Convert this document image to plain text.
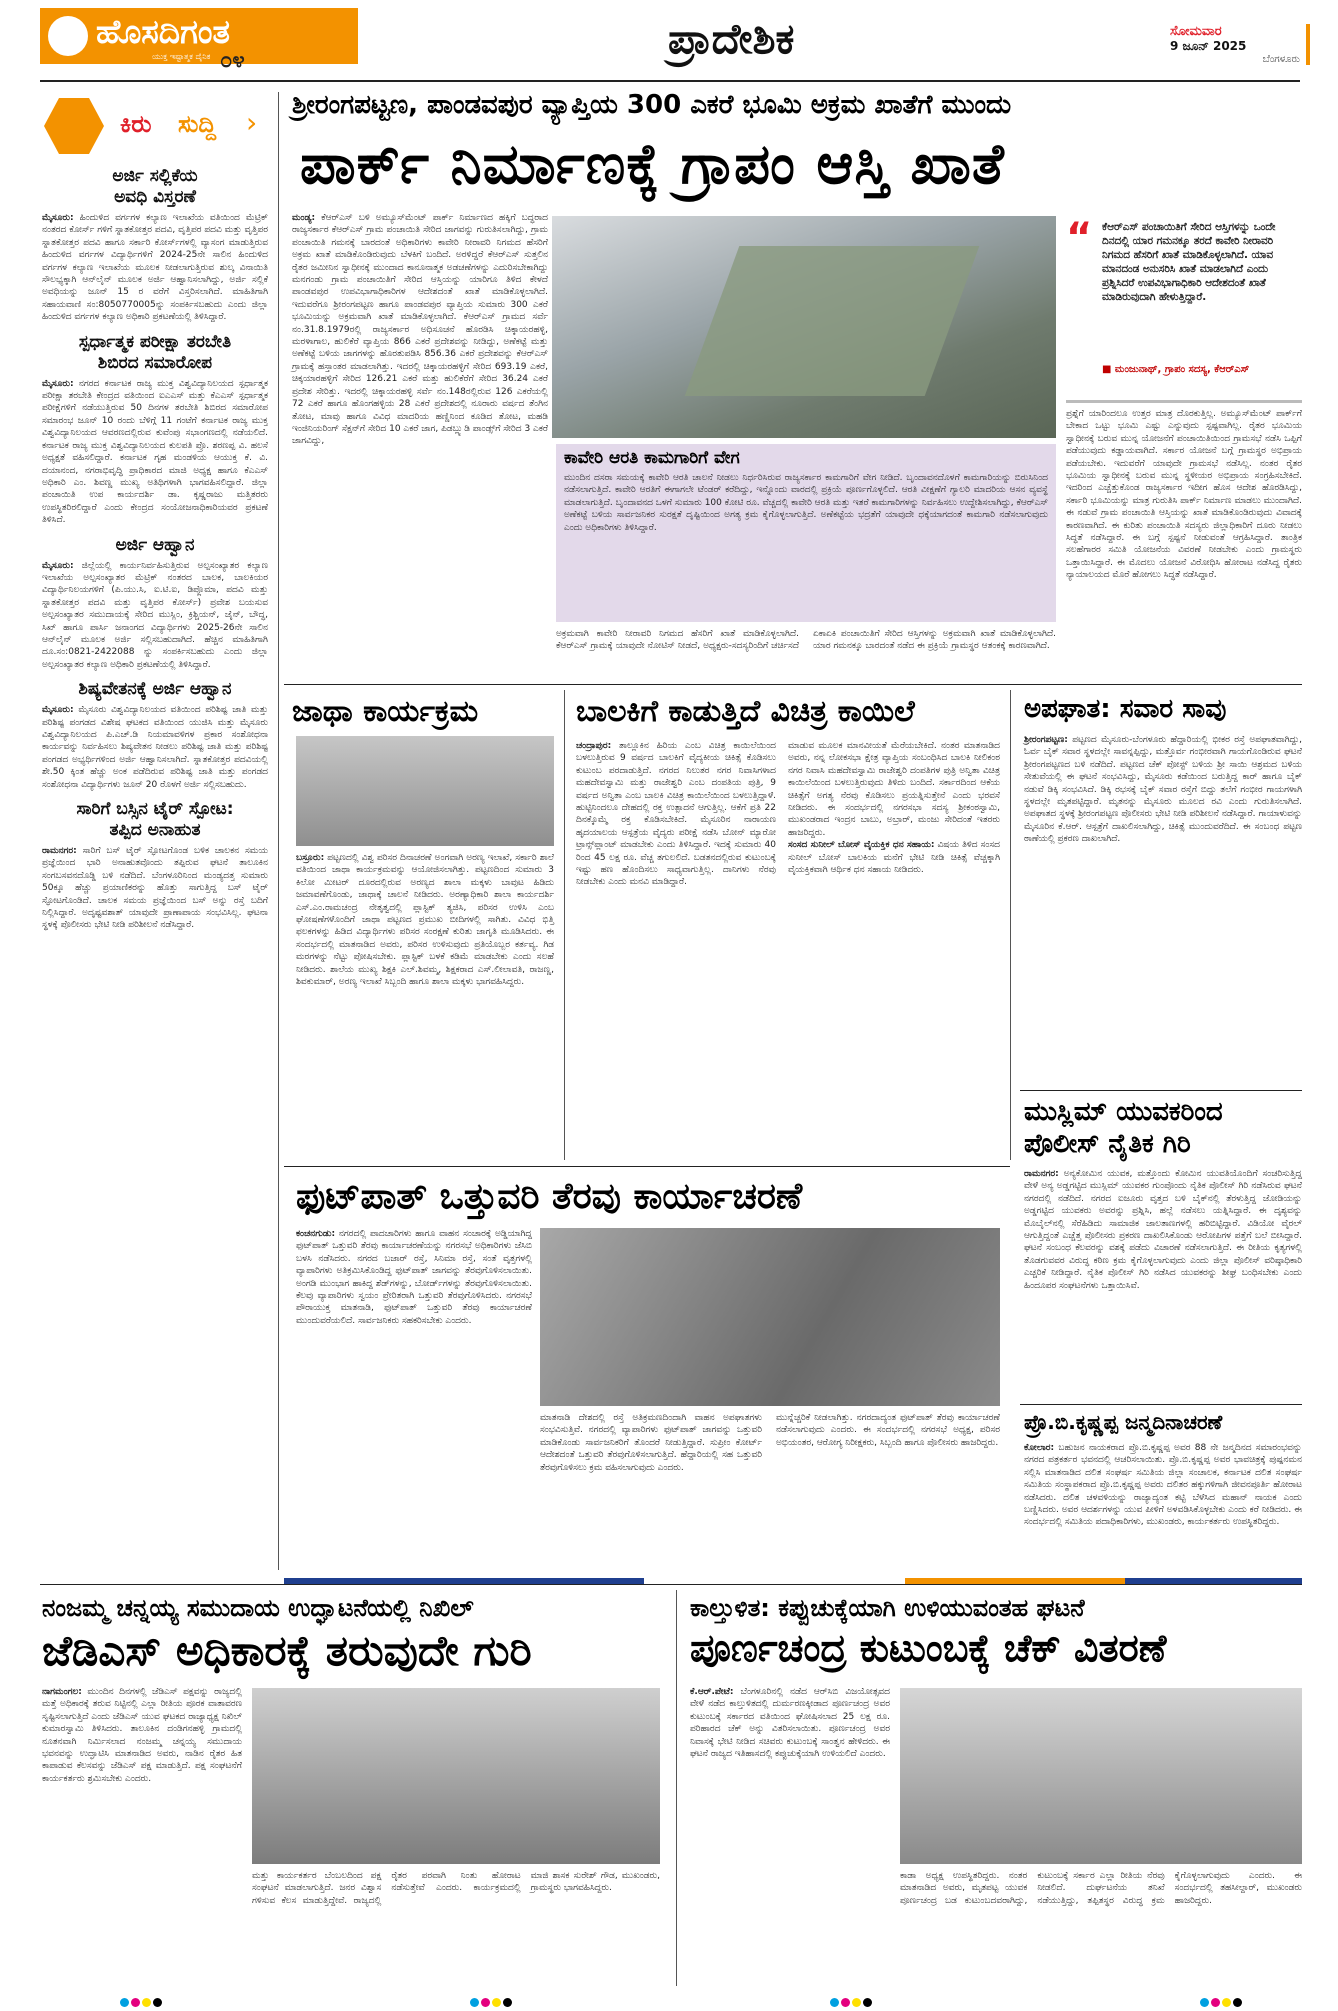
ಹೊಸದಿಗಂತ
ಯುಕ್ತ ಇಷ್ಟಾತ್ಮಕ ದೈನಿಕ ೦೪	ಪ್ರಾದೇಶಿಕ	ಸೋಮವಾರ
9 ಜೂನ್ 2025
ಬೆಂಗಳೂರು
ಕಿರು ಸುದ್ದಿ ›
ಅರ್ಜಿ ಸಲ್ಲಿಕೆಯ
ಅವಧಿ ವಿಸ್ತರಣೆ
ಮೈಸೂರು: ಹಿಂದುಳಿದ ವರ್ಗಗಳ ಕಲ್ಯಾಣ ಇಲಾಖೆಯ ವತಿಯಿಂದ ಮೆಟ್ರಿಕ್ ನಂತರದ ಕೋರ್ಸ್ ಗಳಿಗೆ ಸ್ನಾತಕೋತ್ತರ ಪದವಿ, ವೃತ್ತಿಪರ ಪದವಿ ಮತ್ತು ವೃತ್ತಿಪರ ಸ್ನಾತಕೋತ್ತರ ಪದವಿ ಹಾಗೂ ಸರ್ಕಾರಿ ಕೋರ್ಸ್‌ಗಳಲ್ಲಿ ವ್ಯಾಸಂಗ ಮಾಡುತ್ತಿರುವ ಹಿಂದುಳಿದ ವರ್ಗಗಳ ವಿದ್ಯಾರ್ಥಿಗಳಿಗೆ 2024-25ನೇ ಸಾಲಿನ ಹಿಂದುಳಿದ ವರ್ಗಗಳ ಕಲ್ಯಾಣ ಇಲಾಖೆಯ ಮೂಲಕ ನೀಡಲಾಗುತ್ತಿರುವ ಶುಲ್ಕ ವಿನಾಯಿತಿ ಸೌಲಭ್ಯಕ್ಕಾಗಿ ಆನ್‌ಲೈನ್ ಮೂಲಕ ಅರ್ಜಿ ಆಹ್ವಾನಿಸಲಾಗಿದ್ದು, ಅರ್ಜಿ ಸಲ್ಲಿಕೆ ಅವಧಿಯನ್ನು ಜೂನ್ 15 ರ ವರೆಗೆ ವಿಸ್ತರಿಸಲಾಗಿದೆ. ಮಾಹಿತಿಗಾಗಿ ಸಹಾಯವಾಣಿ ಸಂ:8050770005ನ್ನು ಸಂಪರ್ಕಿಸಬಹುದು ಎಂದು ಜಿಲ್ಲಾ ಹಿಂದುಳಿದ ವರ್ಗಗಳ ಕಲ್ಯಾಣ ಅಧಿಕಾರಿ ಪ್ರಕಟಣೆಯಲ್ಲಿ ತಿಳಿಸಿದ್ದಾರೆ.
ಸ್ಪರ್ಧಾತ್ಮಕ ಪರೀಕ್ಷಾ ತರಬೇತಿ
ಶಿಬಿರದ ಸಮಾರೋಪ
ಮೈಸೂರು: ನಗರದ ಕರ್ನಾಟಕ ರಾಜ್ಯ ಮುಕ್ತ ವಿಶ್ವವಿದ್ಯಾನಿಲಯದ ಸ್ಪರ್ಧಾತ್ಮಕ ಪರೀಕ್ಷಾ ತರಬೇತಿ ಕೇಂದ್ರದ ವತಿಯಿಂದ ಐಎಎಸ್ ಮತ್ತು ಕೆಎಎಸ್ ಸ್ಪರ್ಧಾತ್ಮಕ ಪರೀಕ್ಷೆಗಳಿಗೆ ನಡೆಯುತ್ತಿರುವ 50 ದಿನಗಳ ತರಬೇತಿ ಶಿಬಿರದ ಸಮಾರೋಪ ಸಮಾರಂಭ ಜೂನ್ 10 ರಂದು ಬೆಳಿಗ್ಗೆ 11 ಗಂಟೆಗೆ ಕರ್ನಾಟಕ ರಾಜ್ಯ ಮುಕ್ತ ವಿಶ್ವವಿದ್ಯಾನಿಲಯದ ಆವರಣದಲ್ಲಿರುವ ಕುವೆಂಪು ಸಭಾಂಗಣದಲ್ಲಿ ನಡೆಯಲಿದೆ. ಕರ್ನಾಟಕ ರಾಜ್ಯ ಮುಕ್ತ ವಿಶ್ವವಿದ್ಯಾನಿಲಯದ ಕುಲಪತಿ ಪ್ರೊ. ಶರಣಪ್ಪ ವಿ. ಹಲಸೆ ಅಧ್ಯಕ್ಷತೆ ವಹಿಸಲಿದ್ದಾರೆ. ಕರ್ನಾಟಕ ಗೃಹ ಮಂಡಳಿಯ ಆಯುಕ್ತ ಕೆ. ವಿ. ದಯಾನಂದ, ನಗರಾಭಿವೃದ್ಧಿ ಪ್ರಾಧಿಕಾರದ ಮಾಜಿ ಅಧ್ಯಕ್ಷ ಹಾಗೂ ಕೆಎಎಸ್ ಅಧಿಕಾರಿ ಎಂ. ಶಿವಣ್ಣ ಮುಖ್ಯ ಅತಿಥಿಗಳಾಗಿ ಭಾಗವಹಿಸಲಿದ್ದಾರೆ. ಜಿಲ್ಲಾ ಪಂಚಾಯಿತಿ ಉಪ ಕಾರ್ಯದರ್ಶಿ ಡಾ. ಕೃಷ್ಣರಾಜು ಮತ್ತಿತರರು ಉಪಸ್ಥಿತರಿರಲಿದ್ದಾರೆ ಎಂದು ಕೇಂದ್ರದ ಸಂಯೋಜನಾಧಿಕಾರಿಯವರ ಪ್ರಕಟಣೆ ತಿಳಿಸಿದೆ.
ಅರ್ಜಿ ಆಹ್ವಾನ
ಮೈಸೂರು: ಜಿಲ್ಲೆಯಲ್ಲಿ ಕಾರ್ಯನಿರ್ವಹಿಸುತ್ತಿರುವ ಅಲ್ಪಸಂಖ್ಯಾತರ ಕಲ್ಯಾಣ ಇಲಾಖೆಯ ಅಲ್ಪಸಂಖ್ಯಾತರ ಮೆಟ್ರಿಕ್ ನಂತರದ ಬಾಲಕ, ಬಾಲಕಿಯರ ವಿದ್ಯಾರ್ಥಿನಿಲಯಗಳಿಗೆ (ಪಿ.ಯು.ಸಿ, ಐ.ಟಿ.ಐ, ಡಿಪ್ಲೊಮಾ, ಪದವಿ ಮತ್ತು ಸ್ನಾತಕೋತ್ತರ ಪದವಿ ಮತ್ತು ವೃತ್ತಿಪರ ಕೋರ್ಸ್) ಪ್ರವೇಶ ಬಯಸುವ ಅಲ್ಪಸಂಖ್ಯಾತರ ಸಮುದಾಯಕ್ಕೆ ಸೇರಿದ ಮುಸ್ಲಿಂ, ಕ್ರಿಶ್ಚಿಯನ್, ಜೈನ್, ಬೌದ್ಧ, ಸಿಖ್ ಹಾಗೂ ಪಾರ್ಸಿ ಜನಾಂಗದ ವಿದ್ಯಾರ್ಥಿಗಳು 2025-26ನೇ ಸಾಲಿನ ಆನ್‌ಲೈನ್ ಮೂಲಕ ಅರ್ಜಿ ಸಲ್ಲಿಸಬಹುದಾಗಿದೆ. ಹೆಚ್ಚಿನ ಮಾಹಿತಿಗಾಗಿ ದೂ.ಸಂ:0821-2422088 ನ್ನು ಸಂಪರ್ಕಿಸಬಹುದು ಎಂದು ಜಿಲ್ಲಾ ಅಲ್ಪಸಂಖ್ಯಾತರ ಕಲ್ಯಾಣ ಅಧಿಕಾರಿ ಪ್ರಕಟಣೆಯಲ್ಲಿ ತಿಳಿಸಿದ್ದಾರೆ.
ಶಿಷ್ಯವೇತನಕ್ಕೆ ಅರ್ಜಿ ಆಹ್ವಾನ
ಮೈಸೂರು: ಮೈಸೂರು ವಿಶ್ವವಿದ್ಯಾನಿಲಯದ ವತಿಯಿಂದ ಪರಿಶಿಷ್ಟ ಜಾತಿ ಮತ್ತು ಪರಿಶಿಷ್ಟ ಪಂಗಡದ ವಿಶೇಷ ಘಟಕದ ವತಿಯಿಂದ ಯುಜಿಸಿ ಮತ್ತು ಮೈಸೂರು ವಿಶ್ವವಿದ್ಯಾನಿಲಯದ ಪಿ.ಎಚ್.ಡಿ ನಿಯಮಾವಳಿಗಳ ಪ್ರಕಾರ ಸಂಶೋಧನಾ ಕಾರ್ಯವನ್ನು ನಿರ್ವಹಿಸಲು ಶಿಷ್ಯವೇತನ ನೀಡಲು ಪರಿಶಿಷ್ಟ ಜಾತಿ ಮತ್ತು ಪರಿಶಿಷ್ಟ ಪಂಗಡದ ಅಭ್ಯರ್ಥಿಗಳಿಂದ ಅರ್ಜಿ ಆಹ್ವಾನಿಸಲಾಗಿದೆ. ಸ್ನಾತಕೋತ್ತರ ಪದವಿಯಲ್ಲಿ ಶೇ.50 ಕ್ಕಿಂತ ಹೆಚ್ಚು ಅಂಕ ಪಡೆದಿರುವ ಪರಿಶಿಷ್ಟ ಜಾತಿ ಮತ್ತು ಪಂಗಡದ ಸಂಶೋಧನಾ ವಿದ್ಯಾರ್ಥಿಗಳು ಜೂನ್ 20 ರೊಳಗೆ ಅರ್ಜಿ ಸಲ್ಲಿಸಬಹುದು.
ಸಾರಿಗೆ ಬಸ್ಸಿನ ಟೈರ್ ಸ್ಪೋಟ:
ತಪ್ಪಿದ ಅನಾಹುತ
ರಾಮನಗರ: ಸಾರಿಗೆ ಬಸ್ ಟೈರ್ ಸ್ಫೋಟಗೊಂಡ ಬಳಿಕ ಚಾಲಕನ ಸಮಯ ಪ್ರಜ್ಞೆಯಿಂದ ಭಾರಿ ಅನಾಹುತವೊಂದು ತಪ್ಪಿರುವ ಘಟನೆ ತಾಲೂಕಿನ ಸಂಗಬಸವನದೊಡ್ಡಿ ಬಳಿ ನಡೆದಿದೆ. ಬೆಂಗಳೂರಿನಿಂದ ಮಂಡ್ಯದತ್ತ ಸುಮಾರು 50ಕ್ಕೂ ಹೆಚ್ಚು ಪ್ರಯಾಣಿಕರನ್ನು ಹೊತ್ತು ಸಾಗುತ್ತಿದ್ದ ಬಸ್ ಟೈರ್ ಸ್ಫೋಟಗೊಂಡಿದೆ. ಚಾಲಕ ಸಮಯ ಪ್ರಜ್ಞೆಯಿಂದ ಬಸ್ ಅನ್ನು ರಸ್ತೆ ಬದಿಗೆ ನಿಲ್ಲಿಸಿದ್ದಾರೆ. ಅದೃಷ್ಟವಶಾತ್ ಯಾವುದೇ ಪ್ರಾಣಾಪಾಯ ಸಂಭವಿಸಿಲ್ಲ. ಘಟನಾ ಸ್ಥಳಕ್ಕೆ ಪೊಲೀಸರು ಭೇಟಿ ನೀಡಿ ಪರಿಶೀಲನೆ ನಡೆಸಿದ್ದಾರೆ.
ಶ್ರೀರಂಗಪಟ್ಟಣ, ಪಾಂಡವಪುರ ವ್ಯಾಪ್ತಿಯ 300 ಎಕರೆ ಭೂಮಿ ಅಕ್ರಮ ಖಾತೆಗೆ ಮುಂದು
ಪಾರ್ಕ್ ನಿರ್ಮಾಣಕ್ಕೆ ಗ್ರಾಪಂ ಆಸ್ತಿ ಖಾತೆ
ಮಂಡ್ಯ: ಕೆಆರ್‌ಎಸ್ ಬಳಿ ಅಮ್ಯೂಸ್‌ಮೆಂಟ್ ಪಾರ್ಕ್ ನಿರ್ಮಾಣದ ಹಕ್ಕಿಗೆ ಬದ್ಧರಾದ ರಾಜ್ಯಸರ್ಕಾರ ಕೆಆರ್‌ಎಸ್ ಗ್ರಾಮ ಪಂಚಾಯಿತಿ ಸೇರಿದ ಜಾಗವನ್ನು ಗುರುತಿಸಲಾಗಿದ್ದು, ಗ್ರಾಮ ಪಂಚಾಯಿತಿ ಗಮನಕ್ಕೆ ಬಾರದಂತೆ ಅಧಿಕಾರಿಗಳು ಕಾವೇರಿ ನೀರಾವರಿ ನಿಗಮದ ಹೆಸರಿಗೆ ಅಕ್ರಮ ಖಾತೆ ಮಾಡಿಕೊಂಡಿರುವುದು ಬೆಳಕಿಗೆ ಬಂದಿದೆ. ಅರಳಿದ್ದರೆ ಕೆಆರ್‌ಎಸ್ ಸುತ್ತಲಿನ ರೈತರ ಜಮೀನಿನ ಸ್ವಾಧೀನಕ್ಕೆ ಮುಂದಾದ ಕಾನೂನಾತ್ಮಕ ಅಡಚಣೆಗಳನ್ನು ಎದುರಿಸಬೇಕಾಗಿದ್ದು ಮನಗಂಡು ಗ್ರಾಮ ಪಂಚಾಯಿತಿಗೆ ಸೇರಿದ ಆಸ್ತಿಯನ್ನು ಯಾರಿಗೂ ತಿಳಿದ ಕೇಳದೆ ಪಾಂಡವಪುರ ಉಪವಿಭಾಗಾಧಿಕಾರಿಗಳ ಆದೇಶದಂತೆ ಖಾತೆ ಮಾಡಿಕೊಳ್ಳಲಾಗಿದೆ. ಇದುವರೆಗೂ ಶ್ರೀರಂಗಪಟ್ಟಣ ಹಾಗೂ ಪಾಂಡವಪುರ ವ್ಯಾಪ್ತಿಯ ಸುಮಾರು 300 ಎಕರೆ ಭೂಮಿಯನ್ನು ಅಕ್ರಮವಾಗಿ ಖಾತೆ ಮಾಡಿಕೊಳ್ಳಲಾಗಿದೆ. ಕೆಆರ್‌ಎಸ್ ಗ್ರಾಮದ ಸರ್ವೆ ನಂ.31.8.1979ರಲ್ಲಿ ರಾಜ್ಯಸರ್ಕಾರ ಅಧಿಸೂಚನೆ ಹೊರಡಿಸಿ ಚಿಕ್ಕಾಯರಹಳ್ಳಿ, ಮರಳಾಗಾಲ, ಹುಲಿಕೆರೆ ವ್ಯಾಪ್ತಿಯ 866 ಎಕರೆ ಪ್ರದೇಶವನ್ನು ನೀಡಿದ್ದು, ಅಣೆಕಟ್ಟೆ ಮತ್ತು ಅಣೆಕಟ್ಟೆ ಬಳಿಯ ಜಾಗಗಳನ್ನು ಹೊರತುಪಡಿಸಿ 856.36 ಎಕರೆ ಪ್ರದೇಶವನ್ನು ಕೆಆರ್‌ಎಸ್ ಗ್ರಾಮಕ್ಕೆ ಹಸ್ತಾಂತರ ಮಾಡಲಾಗಿತ್ತು. ಇದರಲ್ಲಿ ಚಿಕ್ಕಾಯರಹಳ್ಳಿಗೆ ಸೇರಿದ 693.19 ಎಕರೆ, ಚಿಕ್ಕಯಾರಹಳ್ಳಿಗೆ ಸೇರಿದ 126.21 ಎಕರೆ ಮತ್ತು ಹುಲಿಕೆರೆಗೆ ಸೇರಿದ 36.24 ಎಕರೆ ಪ್ರದೇಶ ಸೇರಿತ್ತು. ಇದರಲ್ಲಿ ಚಿಕ್ಕಾಯರಹಳ್ಳಿ ಸರ್ವೆ ನಂ.148ರಲ್ಲಿರುವ 126 ಎಕರೆಯಲ್ಲಿ 72 ಎಕರೆ ಹಾಗೂ ಹೊಂಗಹಳ್ಳಿಯ 28 ಎಕರೆ ಪ್ರದೇಶದಲ್ಲಿ ನೂರಾರು ವರ್ಷದ ತೆಂಗಿನ ತೋಟ, ಮಾವು ಹಾಗೂ ವಿವಿಧ ಮಾದರಿಯ ಹಣ್ಣಿನಿಂದ ಕೂಡಿದ ತೋಟ, ಮಹಡಿ ಇಂಜಿನಿಯರಿಂಗ್ ಸೆಕ್ಷನ್‌ಗೆ ಸೇರಿದ 10 ಎಕರೆ ಜಾಗ, ಪಿಡಬ್ಲ್ಯುಡಿ ಪಾಂಡ್ಸ್‌ಗೆ ಸೇರಿದ 3 ಎಕರೆ ಜಾಗವಿದ್ದು,
ಕಾವೇರಿ ಆರತಿ ಕಾಮಗಾರಿಗೆ ವೇಗ
ಮುಂದಿನ ದಸರಾ ಸಮಯಕ್ಕೆ ಕಾವೇರಿ ಆರತಿ ಚಾಲನೆ ನೀಡಲು ನಿರ್ಧರಿಸಿರುವ ರಾಜ್ಯಸರ್ಕಾರ ಕಾಮಗಾರಿಗೆ ವೇಗ ನೀಡಿದೆ. ಬೃಂದಾವನದೊಳಗೆ ಕಾಮಗಾರಿಯನ್ನು ಬಿರುಸಿನಿಂದ ನಡೆಸಲಾಗುತ್ತಿದೆ. ಕಾವೇರಿ ಆರತಿಗೆ ಈಗಾಗಲೇ ಟೆಂಡರ್ ಕರೆದಿದ್ದು, ಇನ್ನೊಂದು ವಾರದಲ್ಲಿ ಪ್ರಕ್ರಿಯೆ ಪೂರ್ಣಗೊಳ್ಳಲಿದೆ. ಆರತಿ ವೀಕ್ಷಣೆಗೆ ಗ್ಯಾಲರಿ ಮಾದರಿಯ ಆಸನ ವ್ಯವಸ್ಥೆ ಮಾಡಲಾಗುತ್ತಿದೆ. ಬೃಂದಾವನದ ಒಳಗೆ ಸುಮಾರು 100 ಕೋಟಿ ರೂ. ವೆಚ್ಚದಲ್ಲಿ ಕಾವೇರಿ ಆರತಿ ಮತ್ತು ಇತರೆ ಕಾಮಗಾರಿಗಳನ್ನು ನಿರ್ವಹಿಸಲು ಉದ್ದೇಶಿಸಲಾಗಿದ್ದು, ಕೆಆರ್‌ಎಸ್ ಅಣೆಕಟ್ಟೆ ಬಳಿಯ ಸಾರ್ವಜನಿಕರ ಸುರಕ್ಷತೆ ದೃಷ್ಟಿಯಿಂದ ಅಗತ್ಯ ಕ್ರಮ ಕೈಗೊಳ್ಳಲಾಗುತ್ತಿದೆ. ಅಣೆಕಟ್ಟೆಯ ಭದ್ರತೆಗೆ ಯಾವುದೇ ಧಕ್ಕೆಯಾಗದಂತೆ ಕಾಮಗಾರಿ ನಡೆಸಲಾಗುವುದು ಎಂದು ಅಧಿಕಾರಿಗಳು ತಿಳಿಸಿದ್ದಾರೆ.
ಅಕ್ರಮವಾಗಿ ಕಾವೇರಿ ನೀರಾವರಿ ನಿಗಮದ ಹೆಸರಿಗೆ ಖಾತೆ ಮಾಡಿಕೊಳ್ಳಲಾಗಿದೆ. ಕೆಆರ್‌ಎಸ್ ಗ್ರಾಮಕ್ಕೆ ಯಾವುದೇ ನೋಟಿಸ್ ನೀಡದೆ, ಅಧ್ಯಕ್ಷರು-ಸದಸ್ಯರಿಂದಿಗೆ ಚರ್ಚಿಸದೆ ಏಕಾಏಕಿ ಪಂಚಾಯಿತಿಗೆ ಸೇರಿದ ಆಸ್ತಿಗಳನ್ನು ಅಕ್ರಮವಾಗಿ ಖಾತೆ ಮಾಡಿಕೊಳ್ಳಲಾಗಿದೆ. ಯಾರ ಗಮನಕ್ಕೂ ಬಾರದಂತೆ ನಡೆದ ಈ ಪ್ರಕ್ರಿಯೆ ಗ್ರಾಮಸ್ಥರ ಆತಂಕಕ್ಕೆ ಕಾರಣವಾಗಿದೆ.
“ ಕೆಆರ್‌ಎಸ್ ಪಂಚಾಯಿತಿಗೆ ಸೇರಿದ ಆಸ್ತಿಗಳನ್ನು ಒಂದೇ ದಿನದಲ್ಲಿ ಯಾರ ಗಮನಕ್ಕೂ ತರದೆ ಕಾವೇರಿ ನೀರಾವರಿ ನಿಗಮದ ಹೆಸರಿಗೆ ಖಾತೆ ಮಾಡಿಕೊಳ್ಳಲಾಗಿದೆ. ಯಾವ ಮಾನದಂಡ ಅನುಸರಿಸಿ ಖಾತೆ ಮಾಡಲಾಗಿದೆ ಎಂದು ಪ್ರಶ್ನಿಸಿದರೆ ಉಪವಿಭಾಗಾಧಿಕಾರಿ ಆದೇಶದಂತೆ ಖಾತೆ ಮಾಡಿರುವುದಾಗಿ ಹೇಳುತ್ತಿದ್ದಾರೆ.
■ ಮಂಜುನಾಥ್, ಗ್ರಾಪಂ ಸದಸ್ಯ, ಕೆಆರ್‌ಎಸ್
ಪ್ರಶ್ನೆಗೆ ಯಾರಿಂದಲೂ ಉತ್ತರ ಮಾತ್ರ ದೊರಕುತ್ತಿಲ್ಲ. ಅಮ್ಯೂಸ್‌ಮೆಂಟ್ ಪಾರ್ಕ್‌ಗೆ ಬೇಕಾದ ಒಟ್ಟು ಭೂಮಿ ಎಷ್ಟು ಎನ್ನುವುದು ಸ್ಪಷ್ಟವಾಗಿಲ್ಲ. ರೈತರ ಭೂಮಿಯ ಸ್ವಾಧೀನಕ್ಕೆ ಬರುವ ಮುನ್ನ ಯೋಜನೆಗೆ ಪಂಚಾಯಿತಿಯಿಂದ ಗ್ರಾಮಸಭೆ ನಡೆಸಿ ಒಪ್ಪಿಗೆ ಪಡೆಯುವುದು ಕಡ್ಡಾಯವಾಗಿದೆ. ಸರ್ಕಾರ ಯೋಜನೆ ಬಗ್ಗೆ ಗ್ರಾಮಸ್ಥರ ಅಭಿಪ್ರಾಯ ಪಡೆಯಬೇಕು. ಇದುವರೆಗೆ ಯಾವುದೇ ಗ್ರಾಮಸಭೆ ನಡೆಸಿಲ್ಲ. ನಂತರ ರೈತರ ಭೂಮಿಯ ಸ್ವಾಧೀನಕ್ಕೆ ಬರುವ ಮುನ್ನ ಸ್ಥಳೀಯರ ಅಭಿಪ್ರಾಯ ಸಂಗ್ರಹಿಸಬೇಕಿದೆ. ಇದರಿಂದ ಎಚ್ಚೆತ್ತುಕೊಂಡ ರಾಜ್ಯಸರ್ಕಾರ ಇದೀಗ ಹೊಸ ಆದೇಶ ಹೊರಡಿಸಿದ್ದು, ಸರ್ಕಾರಿ ಭೂಮಿಯನ್ನು ಮಾತ್ರ ಗುರುತಿಸಿ ಪಾರ್ಕ್ ನಿರ್ಮಾಣ ಮಾಡಲು ಮುಂದಾಗಿದೆ. ಈ ನಡುವೆ ಗ್ರಾಮ ಪಂಚಾಯಿತಿ ಆಸ್ತಿಯನ್ನು ಖಾತೆ ಮಾಡಿಕೊಂಡಿರುವುದು ವಿವಾದಕ್ಕೆ ಕಾರಣವಾಗಿದೆ. ಈ ಕುರಿತು ಪಂಚಾಯಿತಿ ಸದಸ್ಯರು ಜಿಲ್ಲಾಧಿಕಾರಿಗೆ ದೂರು ನೀಡಲು ಸಿದ್ಧತೆ ನಡೆಸಿದ್ದಾರೆ. ಈ ಬಗ್ಗೆ ಸ್ಪಷ್ಟನೆ ನೀಡುವಂತೆ ಆಗ್ರಹಿಸಿದ್ದಾರೆ. ತಾಂತ್ರಿಕ ಸಲಹೆಗಾರರ ಸಮಿತಿ ಯೋಜನೆಯ ವಿವರಣೆ ನೀಡಬೇಕು ಎಂದು ಗ್ರಾಮಸ್ಥರು ಒತ್ತಾಯಿಸಿದ್ದಾರೆ. ಈ ಮೊದಲು ಯೋಜನೆ ವಿರೋಧಿಸಿ ಹೋರಾಟ ನಡೆಸಿದ್ದ ರೈತರು ನ್ಯಾಯಾಲಯದ ಮೊರೆ ಹೋಗಲು ಸಿದ್ಧತೆ ನಡೆಸಿದ್ದಾರೆ.
ಜಾಥಾ ಕಾರ್ಯಕ್ರಮ
ಬಸ್ರೂರು: ಪಟ್ಟಣದಲ್ಲಿ ವಿಶ್ವ ಪರಿಸರ ದಿನಾಚರಣೆ ಅಂಗವಾಗಿ ಅರಣ್ಯ ಇಲಾಖೆ, ಸರ್ಕಾರಿ ಶಾಲೆ ವತಿಯಿಂದ ಜಾಥಾ ಕಾರ್ಯಕ್ರಮವನ್ನು ಆಯೋಜಿಸಲಾಗಿತ್ತು. ಪಟ್ಟಣದಿಂದ ಸುಮಾರು 3 ಕಿಲೋ ಮೀಟರ್ ದೂರದಲ್ಲಿರುವ ಅರಣ್ಯದ ಶಾಲಾ ಮಕ್ಕಳು ಬಾವುಟ ಹಿಡಿದು ಜಮಾವಣೆಗೊಂಡು, ಜಾಥಾಕ್ಕೆ ಚಾಲನೆ ನೀಡಿದರು. ಅರಣ್ಯಾಧಿಕಾರಿ ಶಾಲಾ ಕಾರ್ಯದರ್ಶಿ ಎಸ್.ಎಂ.ರಾಮಚಂದ್ರ ನೇತೃತ್ವದಲ್ಲಿ ಪ್ಲಾಸ್ಟಿಕ್ ತ್ಯಜಿಸಿ, ಪರಿಸರ ಉಳಿಸಿ ಎಂಬ ಘೋಷಣೆಗಳೊಂದಿಗೆ ಜಾಥಾ ಪಟ್ಟಣದ ಪ್ರಮುಖ ಬೀದಿಗಳಲ್ಲಿ ಸಾಗಿತು. ವಿವಿಧ ಭಿತ್ತಿ ಫಲಕಗಳನ್ನು ಹಿಡಿದ ವಿದ್ಯಾರ್ಥಿಗಳು ಪರಿಸರ ಸಂರಕ್ಷಣೆ ಕುರಿತು ಜಾಗೃತಿ ಮೂಡಿಸಿದರು. ಈ ಸಂದರ್ಭದಲ್ಲಿ ಮಾತನಾಡಿದ ಅವರು, ಪರಿಸರ ಉಳಿಸುವುದು ಪ್ರತಿಯೊಬ್ಬರ ಕರ್ತವ್ಯ. ಗಿಡ ಮರಗಳನ್ನು ನೆಟ್ಟು ಪೋಷಿಸಬೇಕು. ಪ್ಲಾಸ್ಟಿಕ್ ಬಳಕೆ ಕಡಿಮೆ ಮಾಡಬೇಕು ಎಂದು ಸಲಹೆ ನೀಡಿದರು. ಶಾಲೆಯ ಮುಖ್ಯ ಶಿಕ್ಷಕಿ ಎಲ್.ಶಿವಮ್ಮ, ಶಿಕ್ಷಕರಾದ ಎಸ್.ಲೀಲಾವತಿ, ರಾಜಣ್ಣ, ಶಿವಕುಮಾರ್, ಅರಣ್ಯ ಇಲಾಖೆ ಸಿಬ್ಬಂದಿ ಹಾಗೂ ಶಾಲಾ ಮಕ್ಕಳು ಭಾಗವಹಿಸಿದ್ದರು.
ಬಾಲಕಿಗೆ ಕಾಡುತ್ತಿದೆ ವಿಚಿತ್ರ ಕಾಯಿಲೆ
ಚಂದ್ರಾಪುರ: ತಾಲ್ಲೂಕಿನ ಹಿರಿಯ ಎಂಬ ವಿಚಿತ್ರ ಕಾಯಿಲೆಯಿಂದ ಬಳಲುತ್ತಿರುವ 9 ವರ್ಷದ ಬಾಲಕಿಗೆ ವೈದ್ಯಕೀಯ ಚಿಕಿತ್ಸೆ ಕೊಡಿಸಲು ಕುಟುಂಬ ಪರದಾಡುತ್ತಿದೆ. ನಗರದ ನಿಲುತರ ನಗರ ನಿವಾಸಿಗಳಾದ ಮಹದೇವಸ್ವಾಮಿ ಮತ್ತು ರಾಜೇಶ್ವರಿ ಎಂಬ ದಂಪತಿಯ ಪುತ್ರಿ, 9 ವರ್ಷದ ಅನ್ವಿತಾ ಎಂಬ ಬಾಲಕಿ ವಿಚಿತ್ರ ಕಾಯಿಲೆಯಿಂದ ಬಳಲುತ್ತಿದ್ದಾಳೆ. ಹುಟ್ಟಿನಿಂದಲೂ ದೇಹದಲ್ಲಿ ರಕ್ತ ಉತ್ಪಾದನೆ ಆಗುತ್ತಿಲ್ಲ. ಆಕೆಗೆ ಪ್ರತಿ 22 ದಿನಕ್ಕೊಮ್ಮೆ ರಕ್ತ ಕೊಡಿಸಬೇಕಿದೆ. ಮೈಸೂರಿನ ನಾರಾಯಣ ಹೃದಯಾಲಯ ಆಸ್ಪತ್ರೆಯ ವೈದ್ಯರು ಪರೀಕ್ಷೆ ನಡೆಸಿ ಬೋನ್ ಮ್ಯಾರೋ ಟ್ರಾನ್ಸ್‌ಪ್ಲಾಂಟ್ ಮಾಡಬೇಕು ಎಂದು ತಿಳಿಸಿದ್ದಾರೆ. ಇದಕ್ಕೆ ಸುಮಾರು 40 ರಿಂದ 45 ಲಕ್ಷ ರೂ. ವೆಚ್ಚ ತಗುಲಲಿದೆ. ಬಡತನದಲ್ಲಿರುವ ಕುಟುಂಬಕ್ಕೆ ಇಷ್ಟು ಹಣ ಹೊಂದಿಸಲು ಸಾಧ್ಯವಾಗುತ್ತಿಲ್ಲ. ದಾನಿಗಳು ನೆರವು ನೀಡಬೇಕು ಎಂದು ಮನವಿ ಮಾಡಿದ್ದಾರೆ.
ಮಾಡುವ ಮೂಲಕ ಮಾನವೀಯತೆ ಮೆರೆಯಬೇಕಿದೆ. ನಂತರ ಮಾತನಾಡಿದ ಅವರು, ನನ್ನ ಲೋಕಸಭಾ ಕ್ಷೇತ್ರ ವ್ಯಾಪ್ತಿಯ ಸಂಬಂಧಿಸಿದ ಬಾಲಕಿ ನೀಲಿಕಂಠ ನಗರ ನಿವಾಸಿ ಮಹದೇವಸ್ವಾಮಿ ರಾಜೇಶ್ವರಿ ದಂಪತಿಗಳ ಪುತ್ರಿ ಅನ್ವಿತಾ ವಿಚಿತ್ರ ಕಾಯಿಲೆಯಿಂದ ಬಳಲುತ್ತಿರುವುದು ತಿಳಿದು ಬಂದಿದೆ. ಸರ್ಕಾರದಿಂದ ಆಕೆಯ ಚಿಕಿತ್ಸೆಗೆ ಅಗತ್ಯ ನೆರವು ಕೊಡಿಸಲು ಪ್ರಯತ್ನಿಸುತ್ತೇನೆ ಎಂದು ಭರವಸೆ ನೀಡಿದರು. ಈ ಸಂದರ್ಭದಲ್ಲಿ ನಗರಸಭಾ ಸದಸ್ಯ ಶ್ರೀಕಂಠಸ್ವಾಮಿ, ಮುಖಂಡರಾದ ಇಂದ್ರನ ಬಾಬು, ಅಬ್ರಾರ್, ಮಂಜು ಸೇರಿದಂತೆ ಇತರರು ಹಾಜರಿದ್ದರು.
ಸಂಸದ ಸುನೀಲ್ ಬೋಸ್ ವೈಯಕ್ತಿಕ ಧನ ಸಹಾಯ: ವಿಷಯ ತಿಳಿದ ಸಂಸದ ಸುನೀಲ್ ಬೋಸ್ ಬಾಲಕಿಯ ಮನೆಗೆ ಭೇಟಿ ನೀಡಿ ಚಿಕಿತ್ಸೆ ವೆಚ್ಚಕ್ಕಾಗಿ ವೈಯಕ್ತಿಕವಾಗಿ ಆರ್ಥಿಕ ಧನ ಸಹಾಯ ನೀಡಿದರು.
ಅಪಘಾತ: ಸವಾರ ಸಾವು
ಶ್ರೀರಂಗಪಟ್ಟಣ: ಪಟ್ಟಣದ ಮೈಸೂರು-ಬೆಂಗಳೂರು ಹೆದ್ದಾರಿಯಲ್ಲಿ ಭೀಕರ ರಸ್ತೆ ಅಪಘಾತವಾಗಿದ್ದು, ಓರ್ವ ಬೈಕ್ ಸವಾರ ಸ್ಥಳದಲ್ಲೇ ಸಾವನ್ನಪ್ಪಿದ್ದು, ಮತ್ತೊರ್ವ ಗಂಭೀರವಾಗಿ ಗಾಯಗೊಂಡಿರುವ ಘಟನೆ ಶ್ರೀರಂಗಪಟ್ಟಣದ ಬಳಿ ನಡೆದಿದೆ. ಪಟ್ಟಣದ ಚೆಕ್ ಪೋಸ್ಟ್ ಬಳಿಯ ಶ್ರೀ ಸಾಯಿ ಆಶ್ರಮದ ಬಳಿಯ ಸೇತುವೆಯಲ್ಲಿ ಈ ಘಟನೆ ಸಂಭವಿಸಿದ್ದು, ಮೈಸೂರು ಕಡೆಯಿಂದ ಬರುತ್ತಿದ್ದ ಕಾರ್ ಹಾಗೂ ಬೈಕ್ ನಡುವೆ ಡಿಕ್ಕಿ ಸಂಭವಿಸಿದೆ. ಡಿಕ್ಕಿ ರಭಸಕ್ಕೆ ಬೈಕ್ ಸವಾರ ರಸ್ತೆಗೆ ಬಿದ್ದು ತಲೆಗೆ ಗಂಭೀರ ಗಾಯಗಳಾಗಿ ಸ್ಥಳದಲ್ಲೇ ಮೃತಪಟ್ಟಿದ್ದಾರೆ. ಮೃತನನ್ನು ಮೈಸೂರು ಮೂಲದ ರವಿ ಎಂದು ಗುರುತಿಸಲಾಗಿದೆ. ಅಪಘಾತದ ಸ್ಥಳಕ್ಕೆ ಶ್ರೀರಂಗಪಟ್ಟಣ ಪೊಲೀಸರು ಭೇಟಿ ನೀಡಿ ಪರಿಶೀಲನೆ ನಡೆಸಿದ್ದಾರೆ. ಗಾಯಾಳುವನ್ನು ಮೈಸೂರಿನ ಕೆ.ಆರ್. ಆಸ್ಪತ್ರೆಗೆ ದಾಖಲಿಸಲಾಗಿದ್ದು, ಚಿಕಿತ್ಸೆ ಮುಂದುವರೆದಿದೆ. ಈ ಸಂಬಂಧ ಪಟ್ಟಣ ಠಾಣೆಯಲ್ಲಿ ಪ್ರಕರಣ ದಾಖಲಾಗಿದೆ.
ಮುಸ್ಲಿಮ್ ಯುವಕರಿಂದ
ಪೊಲೀಸ್ ನೈತಿಕ ಗಿರಿ
ರಾಮನಗರ: ಅನ್ಯಕೋಮಿನ ಯುವಕ, ಮತ್ತೊಂದು ಕೋಮಿನ ಯುವತಿಯೊಂದಿಗೆ ಸಂಚರಿಸುತ್ತಿದ್ದ ವೇಳೆ ಅನ್ಯ ಅಡ್ಡಗಟ್ಟಿದ ಮುಸ್ಲಿಮ್ ಯುವಕರ ಗುಂಪೊಂದು ನೈತಿಕ ಪೊಲೀಸ್ ಗಿರಿ ನಡೆಸಿರುವ ಘಟನೆ ನಗರದಲ್ಲಿ ನಡೆದಿದೆ. ನಗರದ ಐಜೂರು ವೃತ್ತದ ಬಳಿ ಬೈಕ್‌ನಲ್ಲಿ ತೆರಳುತ್ತಿದ್ದ ಜೋಡಿಯನ್ನು ಅಡ್ಡಗಟ್ಟಿದ ಯುವಕರು ಅವರನ್ನು ಪ್ರಶ್ನಿಸಿ, ಹಲ್ಲೆ ನಡೆಸಲು ಯತ್ನಿಸಿದ್ದಾರೆ. ಈ ದೃಶ್ಯವನ್ನು ಮೊಬೈಲ್‌ನಲ್ಲಿ ಸೆರೆಹಿಡಿದು ಸಾಮಾಜಿಕ ಜಾಲತಾಣಗಳಲ್ಲಿ ಹರಿಬಿಟ್ಟಿದ್ದಾರೆ. ವಿಡಿಯೋ ವೈರಲ್ ಆಗುತ್ತಿದ್ದಂತೆ ಎಚ್ಚೆತ್ತ ಪೊಲೀಸರು ಪ್ರಕರಣ ದಾಖಲಿಸಿಕೊಂಡು ಆರೋಪಿಗಳ ಪತ್ತೆಗೆ ಬಲೆ ಬೀಸಿದ್ದಾರೆ. ಘಟನೆ ಸಂಬಂಧ ಕೆಲವರನ್ನು ವಶಕ್ಕೆ ಪಡೆದು ವಿಚಾರಣೆ ನಡೆಸಲಾಗುತ್ತಿದೆ. ಈ ರೀತಿಯ ಕೃತ್ಯಗಳಲ್ಲಿ ತೊಡಗುವವರ ವಿರುದ್ಧ ಕಠಿಣ ಕ್ರಮ ಕೈಗೊಳ್ಳಲಾಗುವುದು ಎಂದು ಜಿಲ್ಲಾ ಪೊಲೀಸ್ ವರಿಷ್ಠಾಧಿಕಾರಿ ಎಚ್ಚರಿಕೆ ನೀಡಿದ್ದಾರೆ. ನೈತಿಕ ಪೊಲೀಸ್ ಗಿರಿ ನಡೆಸಿದ ಯುವಕರನ್ನು ಶೀಘ್ರ ಬಂಧಿಸಬೇಕು ಎಂದು ಹಿಂದೂಪರ ಸಂಘಟನೆಗಳು ಒತ್ತಾಯಿಸಿವೆ.
ಪ್ರೊ.ಬಿ.ಕೃಷ್ಣಪ್ಪ ಜನ್ಮದಿನಾಚರಣೆ
ಕೋಲಾರ: ಬಹುಜನ ನಾಯಕರಾದ ಪ್ರೊ.ಬಿ.ಕೃಷ್ಣಪ್ಪ ಅವರ 88 ನೇ ಜನ್ಮದಿನದ ಸಮಾರಂಭವನ್ನು ನಗರದ ಪತ್ರಕರ್ತರ ಭವನದಲ್ಲಿ ಆಚರಿಸಲಾಯಿತು. ಪ್ರೊ.ಬಿ.ಕೃಷ್ಣಪ್ಪ ಅವರ ಭಾವಚಿತ್ರಕ್ಕೆ ಪುಷ್ಪನಮನ ಸಲ್ಲಿಸಿ ಮಾತನಾಡಿದ ದಲಿತ ಸಂಘರ್ಷ ಸಮಿತಿಯ ಜಿಲ್ಲಾ ಸಂಚಾಲಕ, ಕರ್ನಾಟಕ ದಲಿತ ಸಂಘರ್ಷ ಸಮಿತಿಯ ಸಂಸ್ಥಾಪಕರಾದ ಪ್ರೊ.ಬಿ.ಕೃಷ್ಣಪ್ಪ ಅವರು ದಲಿತರ ಹಕ್ಕುಗಳಿಗಾಗಿ ಜೀವನಪೂರ್ತಿ ಹೋರಾಟ ನಡೆಸಿದರು. ದಲಿತ ಚಳವಳಿಯನ್ನು ರಾಜ್ಯಾದ್ಯಂತ ಕಟ್ಟಿ ಬೆಳೆಸಿದ ಮಹಾನ್ ನಾಯಕ ಎಂದು ಬಣ್ಣಿಸಿದರು. ಅವರ ಆದರ್ಶಗಳನ್ನು ಯುವ ಪೀಳಿಗೆ ಅಳವಡಿಸಿಕೊಳ್ಳಬೇಕು ಎಂದು ಕರೆ ನೀಡಿದರು. ಈ ಸಂದರ್ಭದಲ್ಲಿ ಸಮಿತಿಯ ಪದಾಧಿಕಾರಿಗಳು, ಮುಖಂಡರು, ಕಾರ್ಯಕರ್ತರು ಉಪಸ್ಥಿತರಿದ್ದರು.
ಫುಟ್‌ಪಾತ್ ಒತ್ತುವರಿ ತೆರವು ಕಾರ್ಯಾಚರಣೆ
ಕಂಚನಗುಡು: ನಗರದಲ್ಲಿ ಪಾದಚಾರಿಗಳು ಹಾಗೂ ವಾಹನ ಸಂಚಾರಕ್ಕೆ ಅಡ್ಡಿಯಾಗಿದ್ದ ಫುಟ್‌ಪಾತ್ ಒತ್ತುವರಿ ತೆರವು ಕಾರ್ಯಾಚರಣೆಯನ್ನು ನಗರಸಭೆ ಅಧಿಕಾರಿಗಳು ಜೆಸಿಬಿ ಬಳಸಿ ನಡೆಸಿದರು. ನಗರದ ಬಜಾರ್ ರಸ್ತೆ, ಸಿನಿಮಾ ರಸ್ತೆ, ಸಂತೆ ವೃತ್ತಗಳಲ್ಲಿ ವ್ಯಾಪಾರಿಗಳು ಅತಿಕ್ರಮಿಸಿಕೊಂಡಿದ್ದ ಫುಟ್‌ಪಾತ್‌ ಜಾಗವನ್ನು ತೆರವುಗೊಳಿಸಲಾಯಿತು. ಅಂಗಡಿ ಮುಂಭಾಗ ಹಾಕಿದ್ದ ಶೆಡ್‌ಗಳನ್ನು, ಬೋರ್ಡ್‌ಗಳನ್ನು ತೆರವುಗೊಳಿಸಲಾಯಿತು. ಕೆಲವು ವ್ಯಾಪಾರಿಗಳು ಸ್ವಯಂ ಪ್ರೇರಿತರಾಗಿ ಒತ್ತುವರಿ ತೆರವುಗೊಳಿಸಿದರು. ನಗರಸಭೆ ಪೌರಾಯುಕ್ತ ಮಾತನಾಡಿ, ಫುಟ್‌ಪಾತ್ ಒತ್ತುವರಿ ತೆರವು ಕಾರ್ಯಾಚರಣೆ ಮುಂದುವರೆಯಲಿದೆ. ಸಾರ್ವಜನಿಕರು ಸಹಕರಿಸಬೇಕು ಎಂದರು.
ಮಾತನಾಡಿ ದೇಶದಲ್ಲಿ ರಸ್ತೆ ಅತಿಕ್ರಮಣದಿಂದಾಗಿ ವಾಹನ ಅಪಘಾತಗಳು ಸಂಭವಿಸುತ್ತಿವೆ. ನಗರದಲ್ಲಿ ವ್ಯಾಪಾರಿಗಳು ಫುಟ್‌ಪಾತ್ ಜಾಗವನ್ನು ಒತ್ತುವರಿ ಮಾಡಿಕೊಂಡು ಸಾರ್ವಜನಿಕರಿಗೆ ತೊಂದರೆ ನೀಡುತ್ತಿದ್ದಾರೆ. ಸುಪ್ರೀಂ ಕೋರ್ಟ್ ಆದೇಶದಂತೆ ಒತ್ತುವರಿ ತೆರವುಗೊಳಿಸಲಾಗುತ್ತಿದೆ. ಹೆದ್ದಾರಿಯಲ್ಲಿ ಸಹ ಒತ್ತುವರಿ ತೆರವುಗೊಳಿಸಲು ಕ್ರಮ ವಹಿಸಲಾಗುವುದು ಎಂದರು.
ಮುನ್ನೆಚ್ಚರಿಕೆ ನೀಡಲಾಗಿತ್ತು. ನಗರದಾದ್ಯಂತ ಫುಟ್‌ಪಾತ್‌ ತೆರವು ಕಾರ್ಯಾಚರಣೆ ನಡೆಸಲಾಗುವುದು ಎಂದರು. ಈ ಸಂದರ್ಭದಲ್ಲಿ ನಗರಸಭೆ ಅಧ್ಯಕ್ಷ, ಪರಿಸರ ಅಭಿಯಂತರ, ಆರೋಗ್ಯ ನಿರೀಕ್ಷಕರು, ಸಿಬ್ಬಂದಿ ಹಾಗೂ ಪೊಲೀಸರು ಹಾಜರಿದ್ದರು.
ನಂಜಮ್ಮ ಚನ್ನಯ್ಯ ಸಮುದಾಯ ಉದ್ಘಾಟನೆಯಲ್ಲಿ ನಿಖಿಲ್
ಜೆಡಿಎಸ್ ಅಧಿಕಾರಕ್ಕೆ ತರುವುದೇ ಗುರಿ
ನಾಗಮಂಗಲ: ಮುಂದಿನ ದಿನಗಳಲ್ಲಿ ಜೆಡಿಎಸ್ ಪಕ್ಷವನ್ನು ರಾಜ್ಯದಲ್ಲಿ ಮತ್ತೆ ಅಧಿಕಾರಕ್ಕೆ ತರುವ ನಿಟ್ಟಿನಲ್ಲಿ ಎಲ್ಲಾ ರೀತಿಯ ಪೂರಕ ವಾತಾವರಣ ಸೃಷ್ಟಿಸಲಾಗುತ್ತಿದೆ ಎಂದು ಜೆಡಿಎಸ್ ಯುವ ಘಟಕದ ರಾಜ್ಯಾಧ್ಯಕ್ಷ ನಿಖಿಲ್ ಕುಮಾರಸ್ವಾಮಿ ತಿಳಿಸಿದರು. ತಾಲೂಕಿನ ದಂಡಿಗನಹಳ್ಳಿ ಗ್ರಾಮದಲ್ಲಿ ನೂತನವಾಗಿ ನಿರ್ಮಿಸಲಾದ ನಂಜಮ್ಮ ಚನ್ನಯ್ಯ ಸಮುದಾಯ ಭವನವನ್ನು ಉದ್ಘಾಟಿಸಿ ಮಾತನಾಡಿದ ಅವರು, ನಾಡಿನ ರೈತರ ಹಿತ ಕಾಪಾಡುವ ಕೆಲಸವನ್ನು ಜೆಡಿಎಸ್ ಪಕ್ಷ ಮಾಡುತ್ತಿದೆ. ಪಕ್ಷ ಸಂಘಟನೆಗೆ ಕಾರ್ಯಕರ್ತರು ಶ್ರಮಿಸಬೇಕು ಎಂದರು.
ಮತ್ತು ಕಾರ್ಯಕರ್ತರ ಬೆಂಬಲದಿಂದ ಪಕ್ಷ ಸಂಘಟನೆ ಮಾಡಲಾಗುತ್ತಿದೆ. ಜನರ ವಿಶ್ವಾಸ ಗಳಿಸುವ ಕೆಲಸ ಮಾಡುತ್ತಿದ್ದೇವೆ. ರಾಜ್ಯದಲ್ಲಿ ರೈತರ ಪರವಾಗಿ ನಿಂತು ಹೋರಾಟ ನಡೆಸುತ್ತೇವೆ ಎಂದರು. ಕಾರ್ಯಕ್ರಮದಲ್ಲಿ ಮಾಜಿ ಶಾಸಕ ಸುರೇಶ್ ಗೌಡ, ಮುಖಂಡರು, ಗ್ರಾಮಸ್ಥರು ಭಾಗವಹಿಸಿದ್ದರು.
ಕಾಲ್ತುಳಿತ: ಕಪ್ಪುಚುಕ್ಕೆಯಾಗಿ ಉಳಿಯುವಂತಹ ಘಟನೆ
ಪೂರ್ಣಚಂದ್ರ ಕುಟುಂಬಕ್ಕೆ ಚೆಕ್ ವಿತರಣೆ
ಕೆ.ಆರ್.ಪೇಟೆ: ಬೆಂಗಳೂರಿನಲ್ಲಿ ನಡೆದ ಆರ್‌ಸಿಬಿ ವಿಜಯೋತ್ಸವದ ವೇಳೆ ನಡೆದ ಕಾಲ್ತುಳಿತದಲ್ಲಿ ದುರ್ಮರಣಕ್ಕೀಡಾದ ಪೂರ್ಣಚಂದ್ರ ಅವರ ಕುಟುಂಬಕ್ಕೆ ಸರ್ಕಾರದ ವತಿಯಿಂದ ಘೋಷಿಸಲಾದ 25 ಲಕ್ಷ ರೂ. ಪರಿಹಾರದ ಚೆಕ್ ಅನ್ನು ವಿತರಿಸಲಾಯಿತು. ಪೂರ್ಣಚಂದ್ರ ಅವರ ನಿವಾಸಕ್ಕೆ ಭೇಟಿ ನೀಡಿದ ಸಚಿವರು ಕುಟುಂಬಕ್ಕೆ ಸಾಂತ್ವನ ಹೇಳಿದರು. ಈ ಘಟನೆ ರಾಜ್ಯದ ಇತಿಹಾಸದಲ್ಲಿ ಕಪ್ಪುಚುಕ್ಕೆಯಾಗಿ ಉಳಿಯಲಿದೆ ಎಂದರು.
ಕಾಡಾ ಅಧ್ಯಕ್ಷ ಉಪಸ್ಥಿತರಿದ್ದರು. ನಂತರ ಮಾತನಾಡಿದ ಅವರು, ಮೃತಪಟ್ಟ ಯುವಕ ಪೂರ್ಣಚಂದ್ರ ಬಡ ಕುಟುಂಬದವರಾಗಿದ್ದು, ಕುಟುಂಬಕ್ಕೆ ಸರ್ಕಾರ ಎಲ್ಲಾ ರೀತಿಯ ನೆರವು ನೀಡಲಿದೆ. ದುರ್ಘಟನೆಯ ತನಿಖೆ ನಡೆಯುತ್ತಿದ್ದು, ತಪ್ಪಿತಸ್ಥರ ವಿರುದ್ಧ ಕ್ರಮ ಕೈಗೊಳ್ಳಲಾಗುವುದು ಎಂದರು. ಈ ಸಂದರ್ಭದಲ್ಲಿ ತಹಸೀಲ್ದಾರ್, ಮುಖಂಡರು ಹಾಜರಿದ್ದರು.
